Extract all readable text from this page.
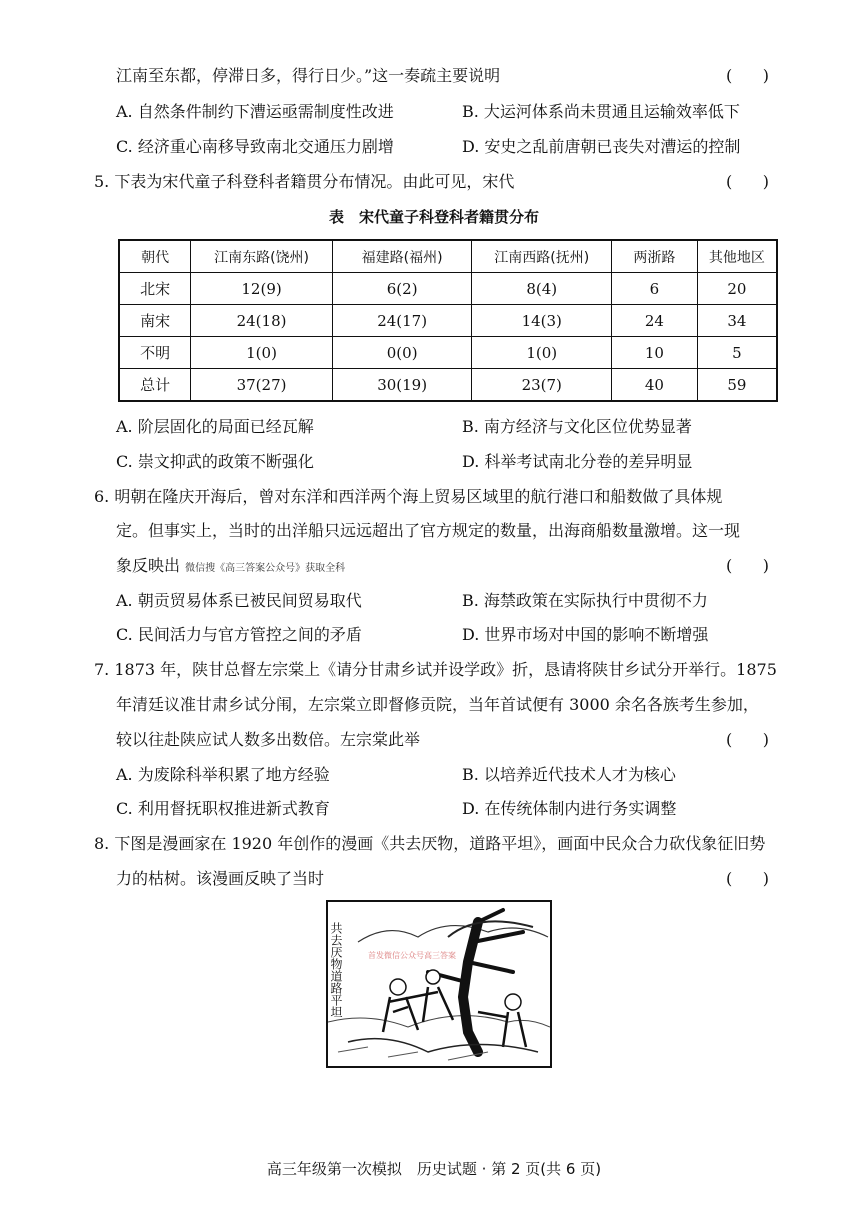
江南至东都，停滞日多，得行日少。”这一奏疏主要说明	(      )
A. 自然条件制约下漕运亟需制度性改进	B. 大运河体系尚未贯通且运输效率低下
C. 经济重心南移导致南北交通压力剧增	D. 安史之乱前唐朝已丧失对漕运的控制
5. 下表为宋代童子科登科者籍贯分布情况。由此可见，宋代	(      )
表　宋代童子科登科者籍贯分布
朝代	江南东路(饶州)	福建路(福州)	江南西路(抚州)	两浙路	其他地区
北宋	12(9)	6(2)	8(4)	6	20
南宋	24(18)	24(17)	14(3)	24	34
不明	1(0)	0(0)	1(0)	10	5
总计	37(27)	30(19)	23(7)	40	59
A. 阶层固化的局面已经瓦解	B. 南方经济与文化区位优势显著
C. 崇文抑武的政策不断强化	D. 科举考试南北分卷的差异明显
6. 明朝在隆庆开海后，曾对东洋和西洋两个海上贸易区域里的航行港口和船数做了具体规
定。但事实上，当时的出洋船只远远超出了官方规定的数量，出海商船数量激增。这一现
象反映出 微信搜《高三答案公众号》获取全科	(      )
A. 朝贡贸易体系已被民间贸易取代	B. 海禁政策在实际执行中贯彻不力
C. 民间活力与官方管控之间的矛盾	D. 世界市场对中国的影响不断增强
7. 1873 年，陕甘总督左宗棠上《请分甘肃乡试并设学政》折，恳请将陕甘乡试分开举行。1875
年清廷议准甘肃乡试分闱，左宗棠立即督修贡院，当年首试便有 3000 余名各族考生参加，
较以往赴陕应试人数多出数倍。左宗棠此举	(      )
A. 为废除科举积累了地方经验	B. 以培养近代技术人才为核心
C. 利用督抚职权推进新式教育	D. 在传统体制内进行务实调整
8. 下图是漫画家在 1920 年创作的漫画《共去厌物，道路平坦》，画面中民众合力砍伐象征旧势
力的枯树。该漫画反映了当时	(      )
共去厌物道路平坦	首发微信公众号高三答案
高三年级第一次模拟　历史试题 · 第 2 页(共 6 页)
